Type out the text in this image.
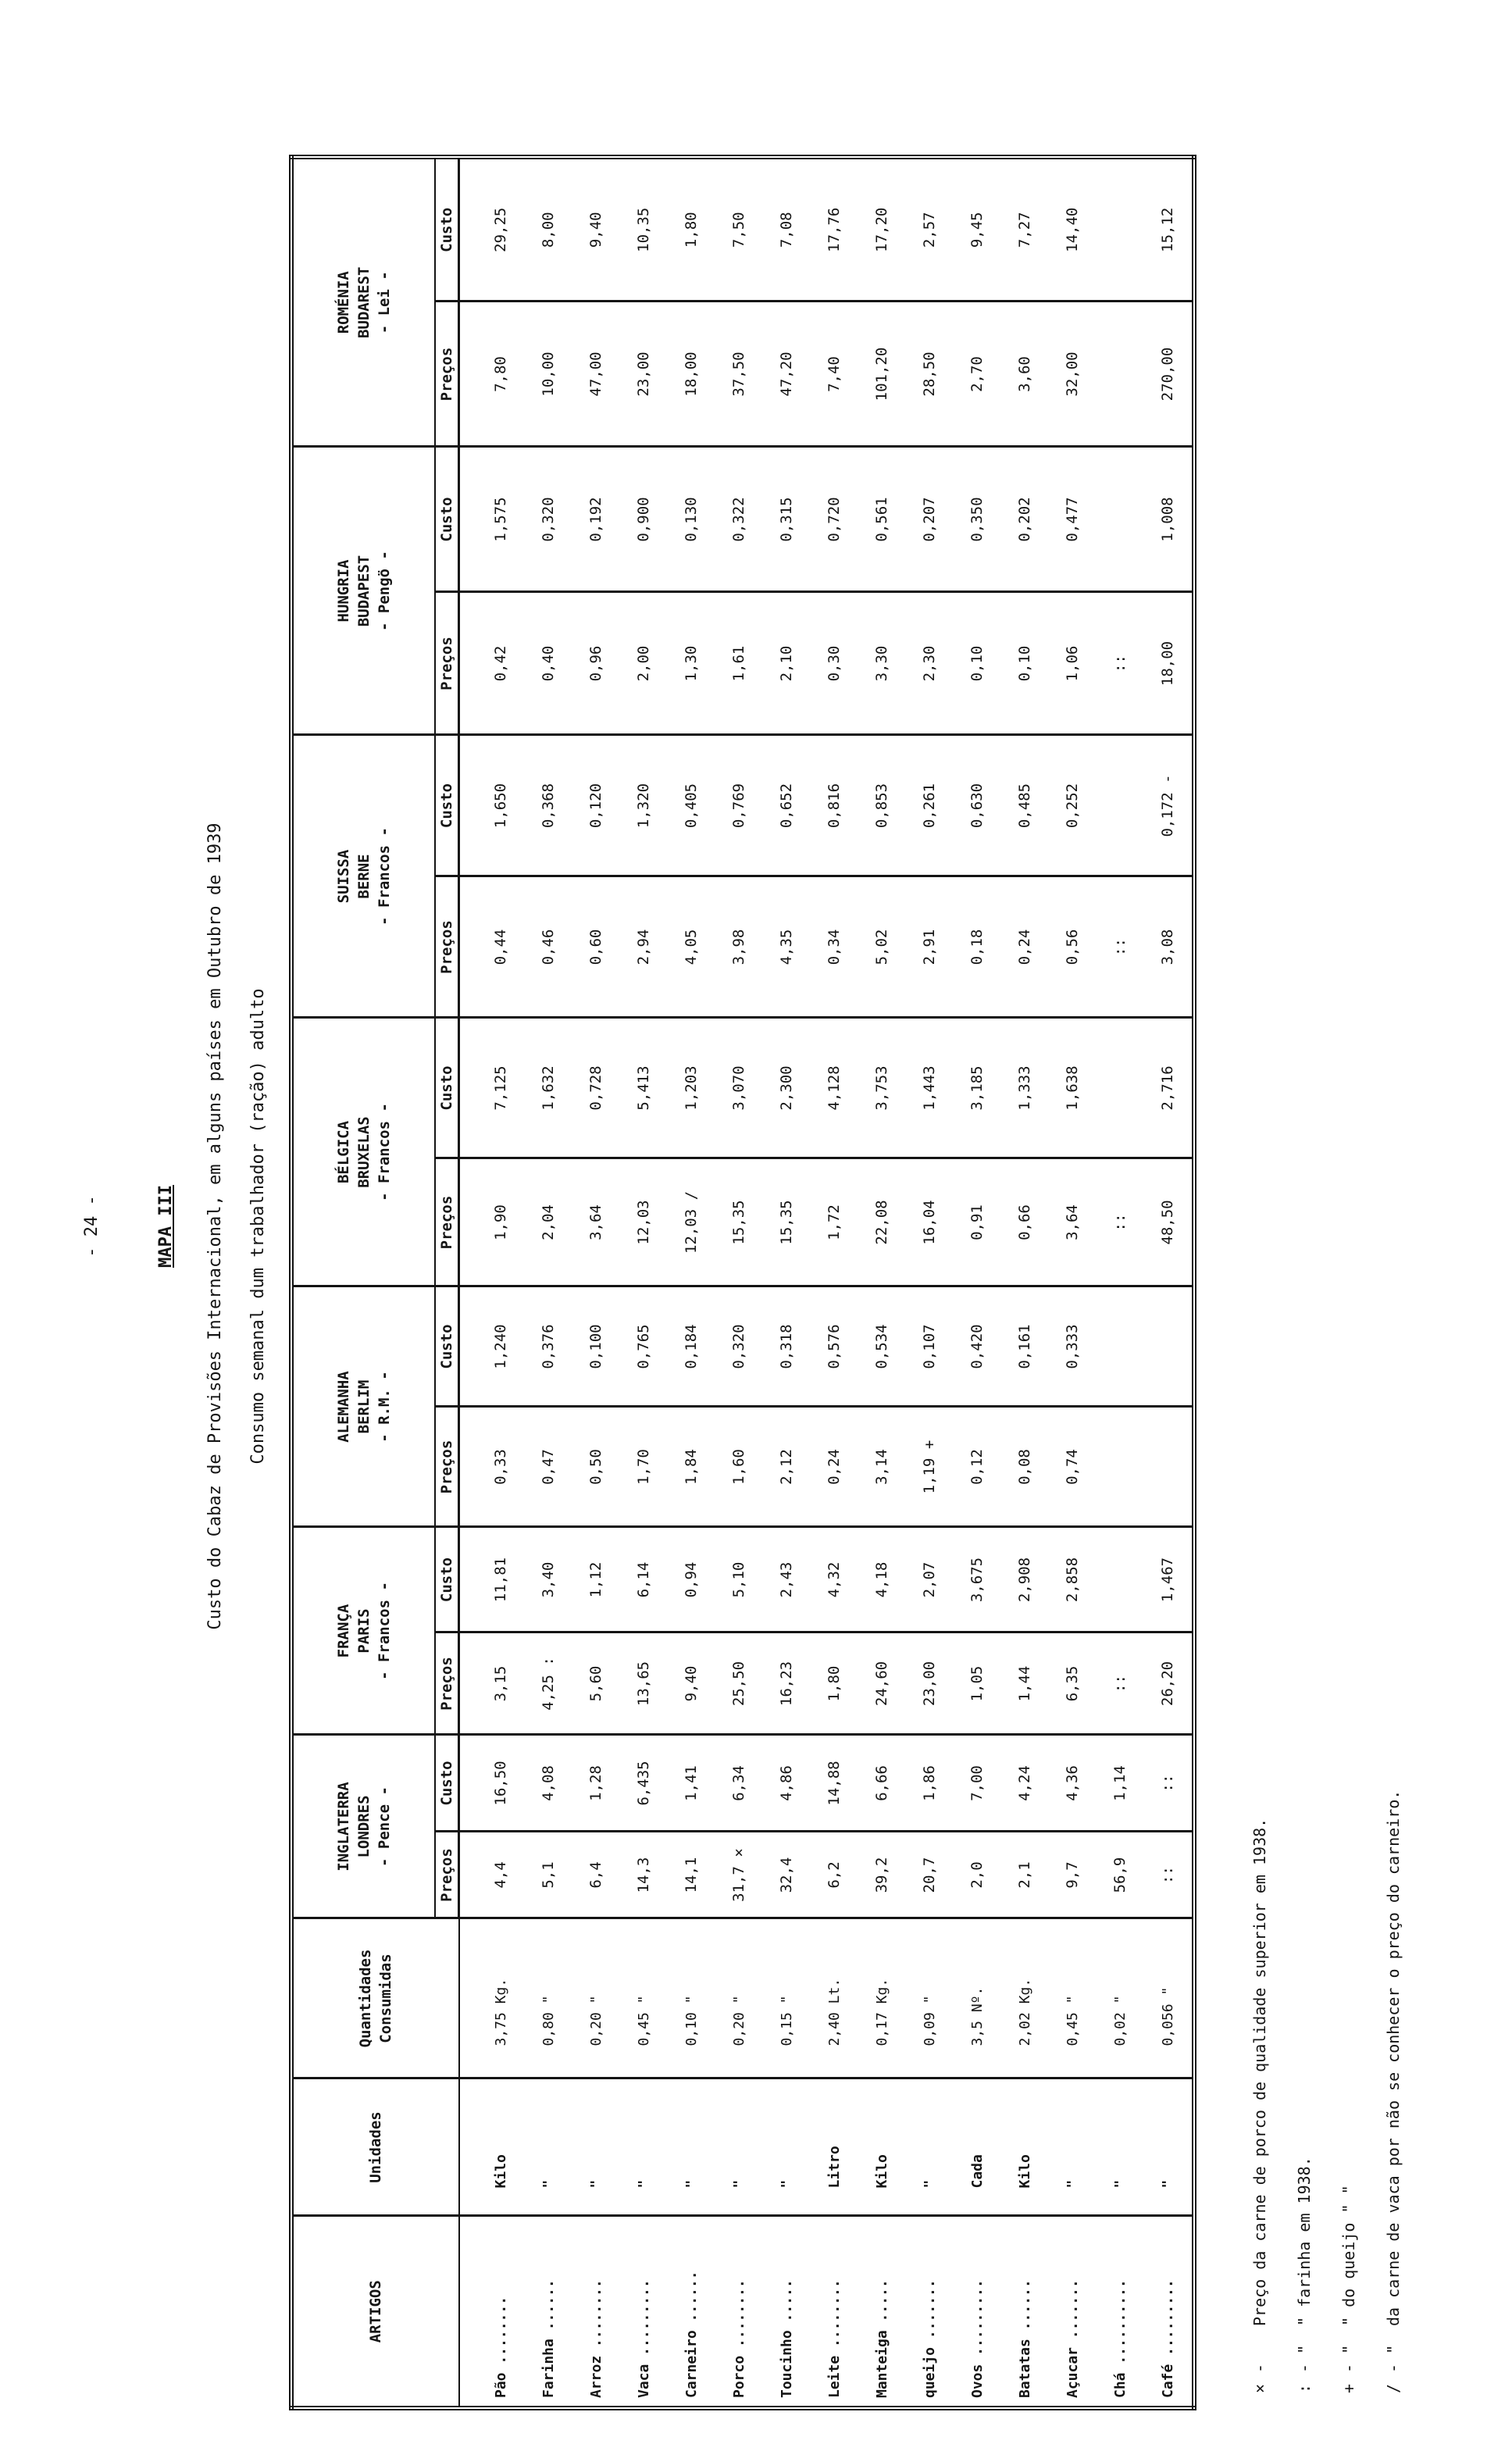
- 24 -	MAPA III Custo do Cabaz de Provisões Internacional, em alguns países em Outubro de 1939 Consumo semanal dum trabalhador (ração) adulto
ARTIGOS	Unidades	Quantidades Consumidas	INGLATERRA LONDRES - Pence -		FRANÇA PARIS - Francos -		ALEMANHA BERLIM - R.M. -		BÉLGICA BRUXELAS - Francos -		SUISSA BERNE - Francos -		HUNGRIA BUDAPEST - Pengö -		ROMÉNIA BUDAREST - Lei -	

			Preços	Custo	Preços	Custo	Preços	Custo	Preços	Custo	Preços	Custo	Preços	Custo	Preços	Custo
Pão ........	Kilo	3,75 Kg.	4,4	16,50	3,15	11,81	0,33	1,240	1,90	7,125	0,44	1,650	0,42	1,575	7,80	29,25
Farinha ......	"	0,80 "	5,1	4,08	4,25 :	3,40	0,47	0,376	2,04	1,632	0,46	0,368	0,40	0,320	10,00	8,00
Arroz ........	"	0,20 "	6,4	1,28	5,60	1,12	0,50	0,100	3,64	0,728	0,60	0,120	0,96	0,192	47,00	9,40
Vaca .........	"	0,45 "	14,3	6,435	13,65	6,14	1,70	0,765	12,03	5,413	2,94	1,320	2,00	0,900	23,00	10,35
Carneiro ......	"	0,10 "	14,1	1,41	9,40	0,94	1,84	0,184	12,03 /	1,203	4,05	0,405	1,30	0,130	18,00	1,80
Porco ........	"	0,20 "	31,7 ×	6,34	25,50	5,10	1,60	0,320	15,35	3,070	3,98	0,769	1,61	0,322	37,50	7,50
Toucinho .....	"	0,15 "	32,4	4,86	16,23	2,43	2,12	0,318	15,35	2,300	4,35	0,652	2,10	0,315	47,20	7,08
Leite ........	Litro	2,40 Lt.	6,2	14,88	1,80	4,32	0,24	0,576	1,72	4,128	0,34	0,816	0,30	0,720	7,40	17,76
Manteiga .....	Kilo	0,17 Kg.	39,2	6,66	24,60	4,18	3,14	0,534	22,08	3,753	5,02	0,853	3,30	0,561	101,20	17,20
queijo .......	"	0,09 "	20,7	1,86	23,00	2,07	1,19 +	0,107	16,04	1,443	2,91	0,261	2,30	0,207	28,50	2,57
Ovos .........	Cada	3,5 Nº.	2,0	7,00	1,05	3,675	0,12	0,420	0,91	3,185	0,18	0,630	0,10	0,350	2,70	9,45
Batatas ......	Kilo	2,02 Kg.	2,1	4,24	1,44	2,908	0,08	0,161	0,66	1,333	0,24	0,485	0,10	0,202	3,60	7,27
Açucar .......	"	0,45 "	9,7	4,36	6,35	2,858	0,74	0,333	3,64	1,638	0,56	0,252	1,06	0,477	32,00	14,40
Chá ..........	"	0,02 "	56,9	1,14	::				::		::		::			
Café .........	"	0,056 "	::	::	26,20	1,467			48,50	2,716	3,08	0,172 -	18,00	1,008	270,00	15,12
×-Preço da carne de porco de qualidade superior em 1938.
:- "" farinha em 1938.
+- "" do queijo " "
/- "da carne de vaca por não se conhecer o preço do carneiro.
